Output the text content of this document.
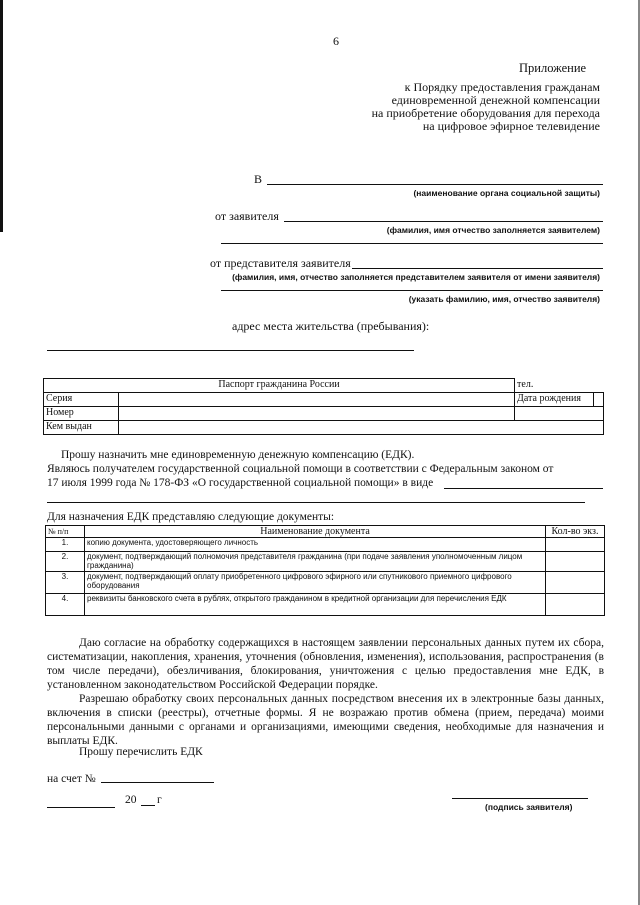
6
Приложение
к Порядку предоставления гражданам
единовременной денежной компенсации
на приобретение оборудования для перехода
на цифровое эфирное телевидение
В
(наименование органа социальной защиты)
от заявителя
(фамилия, имя отчество заполняется заявителем)
от представителя заявителя
(фамилия, имя, отчество заполняется представителем заявителя от имени заявителя)
(указать фамилию, имя, отчество заявителя)
адрес места жительства (пребывания):
Паспорт гражданина России		тел.	
Серия		Дата рождения	
Номер			
Кем выдан			
Прошу назначить мне единовременную денежную компенсацию (ЕДК).
Являюсь получателем государственной социальной помощи в соответствии с Федеральным законом от
17 июля 1999 года № 178-ФЗ «О государственной социальной помощи» в виде
Для назначения ЕДК представляю следующие документы:
№ п/п	Наименование документа	Кол-во экз.
1.	копию документа, удостоверяющего личность	
2.	документ, подтверждающий полномочия представителя гражданина (при подаче заявления уполномоченным лицом гражданина)	
3.	документ, подтверждающий оплату приобретенного цифрового эфирного или спутникового приемного цифрового оборудования	
4.	реквизиты банковского счета в рублях, открытого гражданином в кредитной организации для перечисления ЕДК	
Даю согласие на обработку содержащихся в настоящем заявлении персональных данных путем их сбора, систематизации, накопления, хранения, уточнения (обновления, изменения), использования, распространения (в том числе передачи), обезличивания, блокирования, уничтожения с целью предоставления мне ЕДК, в установленном законодательством Российской Федерации порядке.
Разрешаю обработку своих персональных данных посредством внесения их в электронные базы данных, включения в списки (реестры), отчетные формы. Я не возражаю против обмена (прием, передача) моими персональными данными с органами и организациями, имеющими сведения, необходимые для назначения и выплаты ЕДК.
Прошу перечислить ЕДК
на счет №
20 г
(подпись заявителя)
